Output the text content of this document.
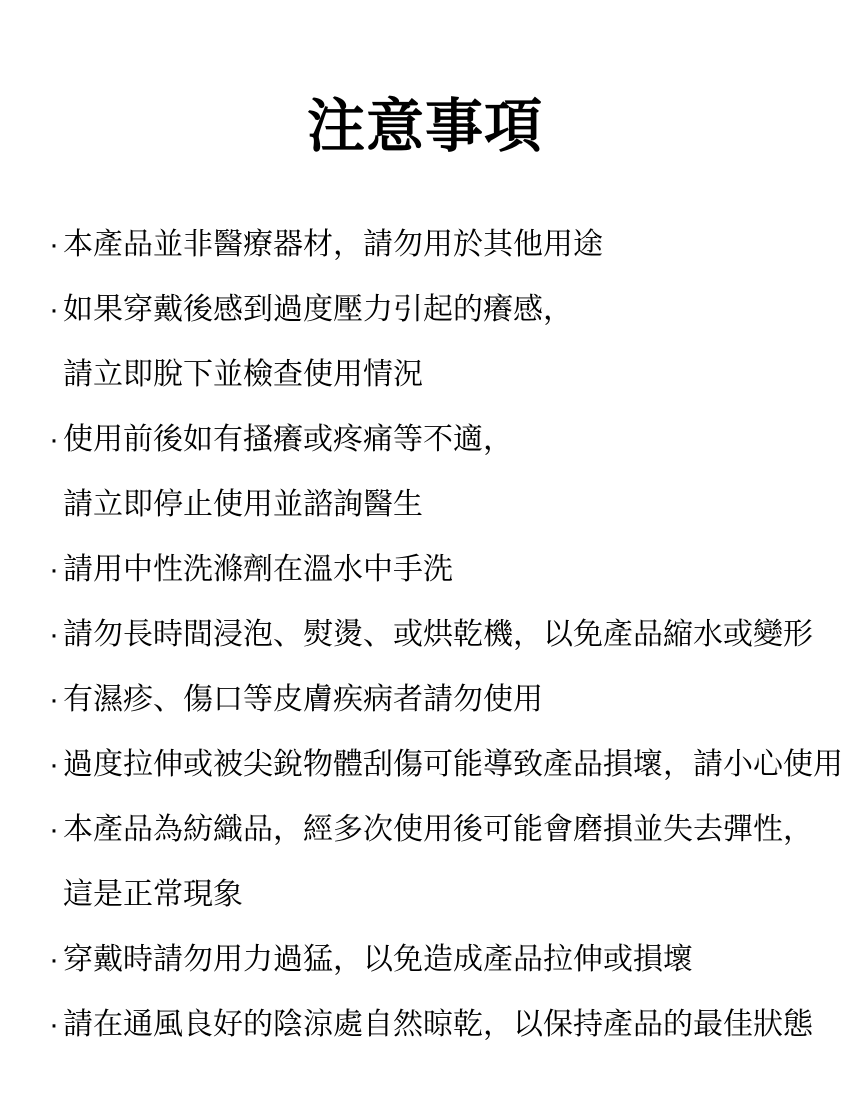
注意事項
· 本產品並非醫療器材，請勿用於其他用途
· 如果穿戴後感到過度壓力引起的癢感，
請立即脫下並檢查使用情況
· 使用前後如有搔癢或疼痛等不適，
請立即停止使用並諮詢醫生
· 請用中性洗滌劑在溫水中手洗
· 請勿長時間浸泡、熨燙、或烘乾機，以免產品縮水或變形
· 有濕疹、傷口等皮膚疾病者請勿使用
· 過度拉伸或被尖銳物體刮傷可能導致產品損壞，請小心使用
· 本產品為紡織品，經多次使用後可能會磨損並失去彈性，
這是正常現象
· 穿戴時請勿用力過猛，以免造成產品拉伸或損壞
· 請在通風良好的陰涼處自然晾乾，以保持產品的最佳狀態
